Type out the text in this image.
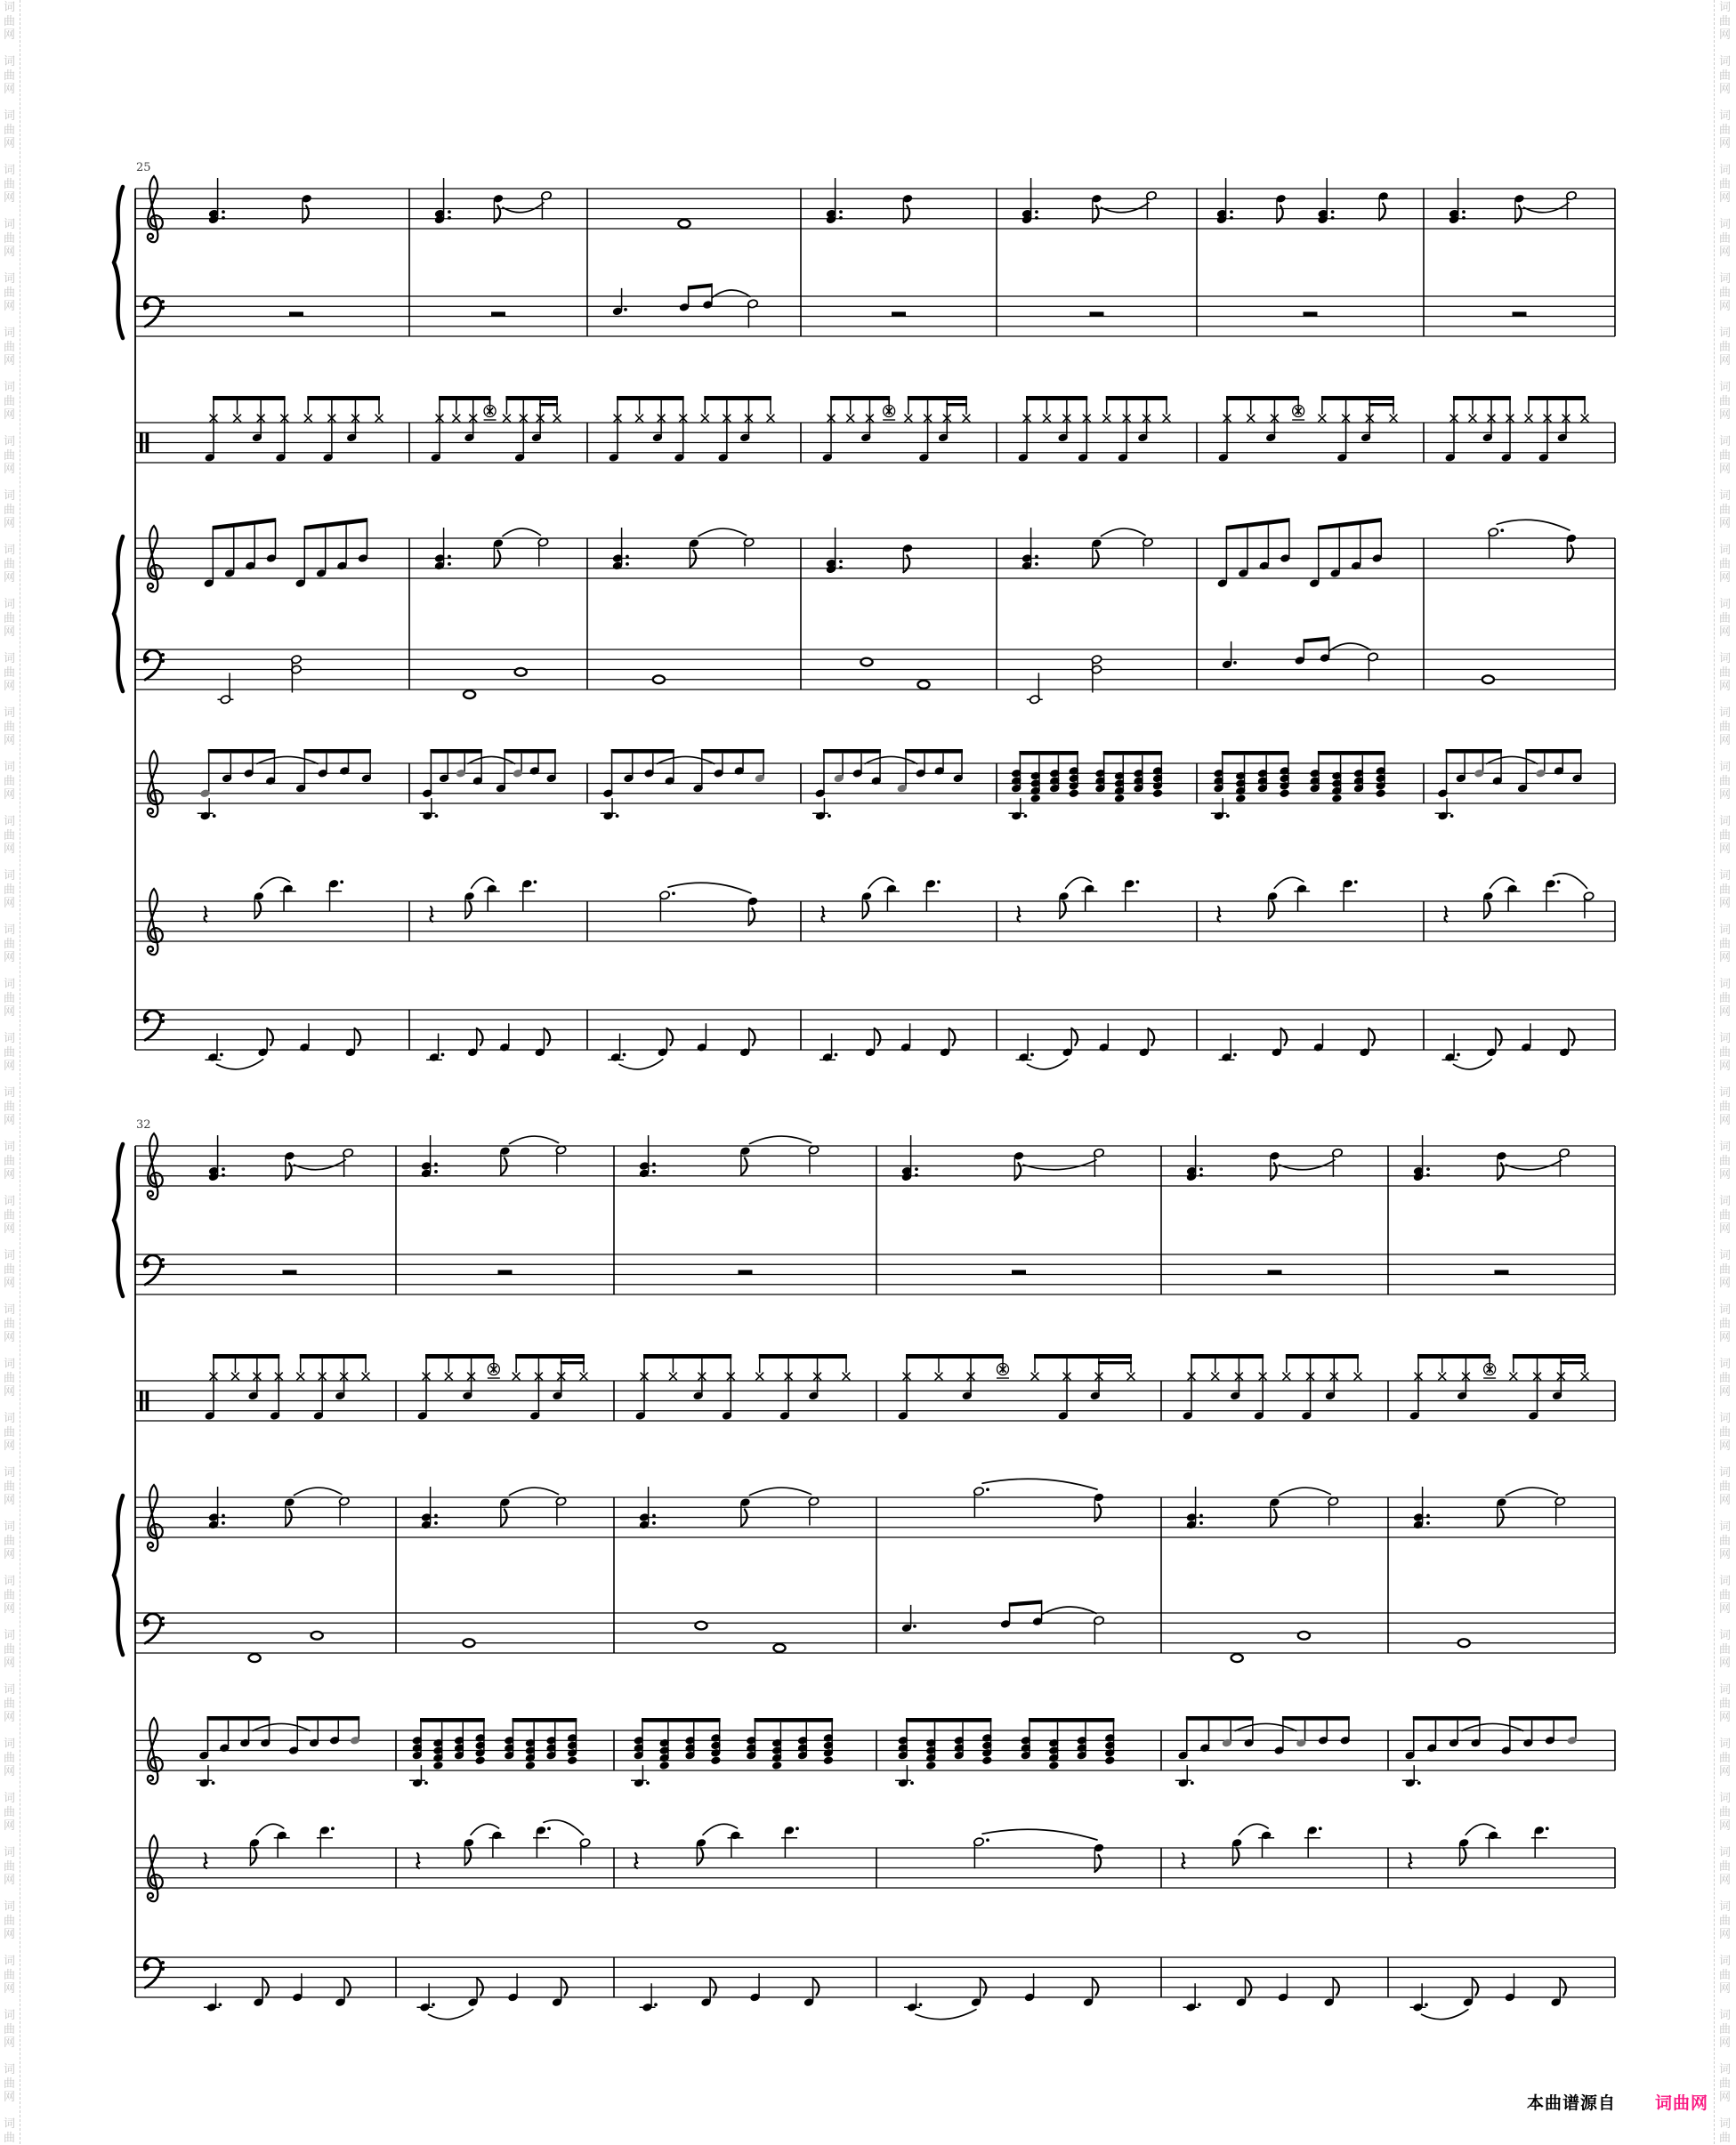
词
曲
网
词
曲
网
词
曲
网
词
曲
网
词
曲
网
词
曲
网
词
曲
网
词
曲
网
词
曲
网
词
曲
网
词
曲
网
词
曲
网
词
曲
网
词
曲
网
词
曲
网
词
曲
网
词
曲
网
词
曲
网
词
曲
网
词
曲
网
词
曲
网
词
曲
网
词
曲
网
词
曲
网
词
曲
网
词
曲
网
词
曲
网
词
曲
网
词
曲
网
词
曲
网
词
曲
网
词
曲
网
词
曲
网
词
曲
网
词
曲
网
词
曲
网
词
曲
网
词
曲
网
词
曲
网
词
曲
词
曲
网
词
曲
网
词
曲
网
词
曲
网
词
曲
网
词
曲
网
词
曲
网
词
曲
网
词
曲
网
词
曲
网
词
曲
网
词
曲
网
词
曲
网
词
曲
网
词
曲
网
词
曲
网
词
曲
网
词
曲
网
词
曲
网
词
曲
网
词
曲
网
词
曲
网
词
曲
网
词
曲
网
词
曲
网
词
曲
网
词
曲
网
词
曲
网
词
曲
网
词
曲
网
词
曲
网
词
曲
网
词
曲
网
词
曲
网
词
曲
网
词
曲
网
词
曲
网
词
曲
网
词
曲
网
词
曲
25
32
本曲谱源自 词曲网
